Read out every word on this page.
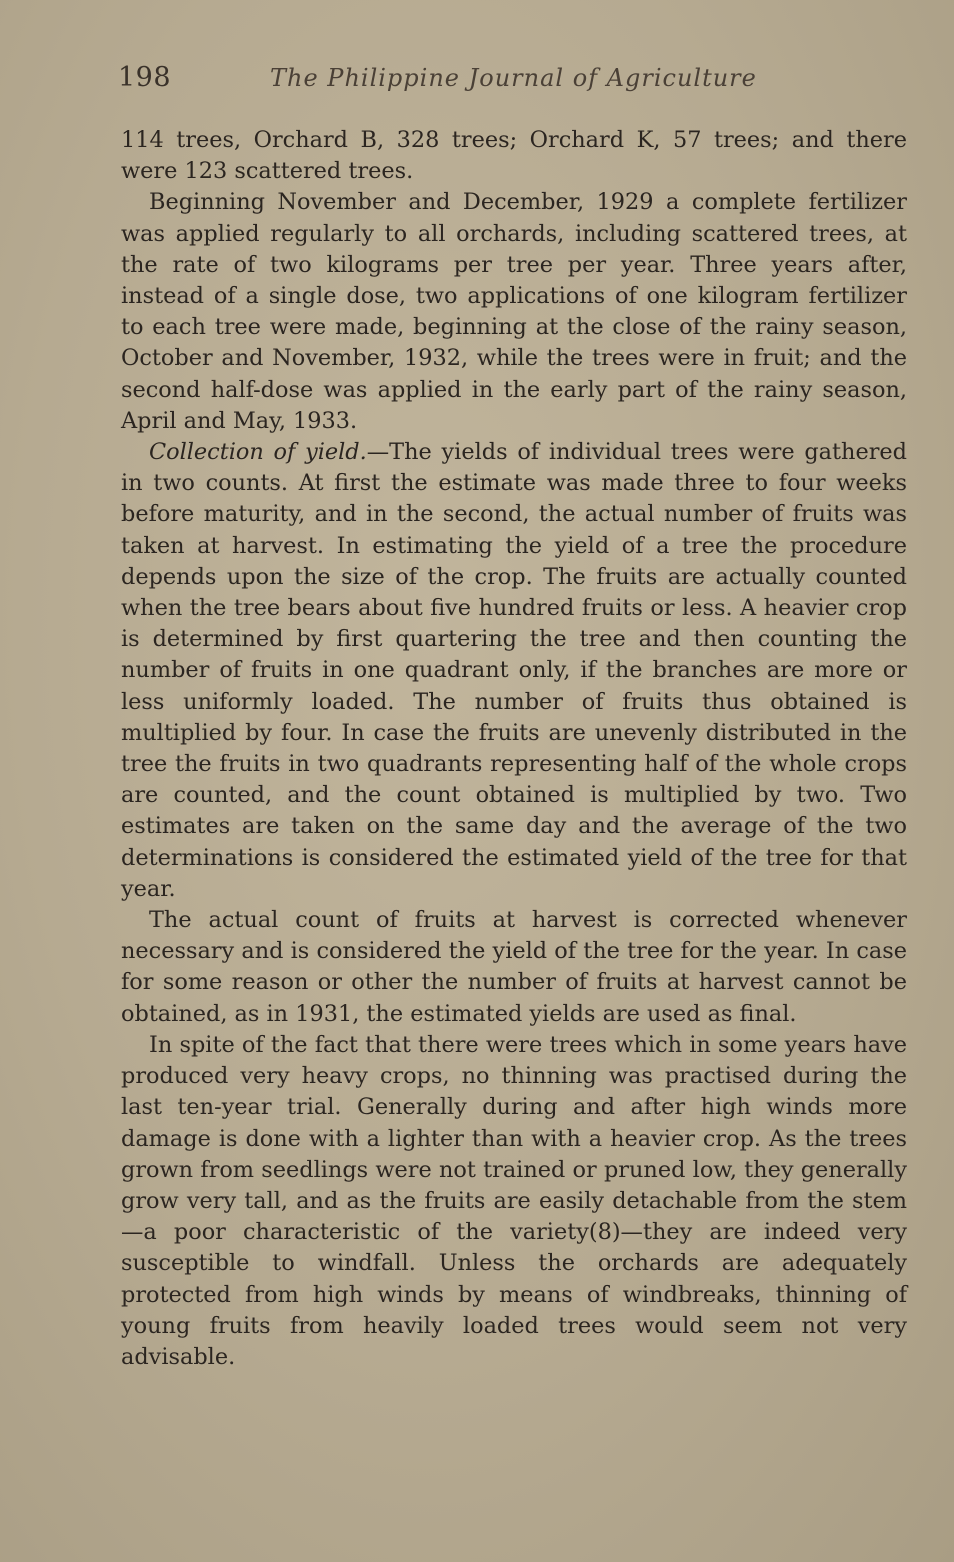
198	The Philippine Journal of Agriculture

114 trees, Orchard B, 328 trees; Orchard K, 57 trees; and there were 123 scattered trees.

Beginning November and December, 1929 a complete fertilizer was applied regularly to all orchards, including scattered trees, at the rate of two kilograms per tree per year. Three years after, instead of a single dose, two applications of one kilogram fertilizer to each tree were made, beginning at the close of the rainy season, October and November, 1932, while the trees were in fruit; and the second half-dose was applied in the early part of the rainy season, April and May, 1933.

Collection of yield.—The yields of individual trees were gathered in two counts. At first the estimate was made three to four weeks before maturity, and in the second, the actual number of fruits was taken at harvest. In estimating the yield of a tree the procedure depends upon the size of the crop. The fruits are actually counted when the tree bears about five hundred fruits or less. A heavier crop is determined by first quartering the tree and then counting the number of fruits in one quadrant only, if the branches are more or less uniformly loaded. The number of fruits thus obtained is multiplied by four. In case the fruits are unevenly distributed in the tree the fruits in two quadrants representing half of the whole crops are counted, and the count obtained is multiplied by two. Two estimates are taken on the same day and the average of the two determinations is considered the estimated yield of the tree for that year.

The actual count of fruits at harvest is corrected whenever necessary and is considered the yield of the tree for the year. In case for some reason or other the number of fruits at harvest cannot be obtained, as in 1931, the estimated yields are used as final.

In spite of the fact that there were trees which in some years have produced very heavy crops, no thinning was practised during the last ten-year trial. Generally during and after high winds more damage is done with a lighter than with a heavier crop. As the trees grown from seedlings were not trained or pruned low, they generally grow very tall, and as the fruits are easily detachable from the stem—a poor characteristic of the variety(8)—they are indeed very susceptible to windfall. Unless the orchards are adequately protected from high winds by means of windbreaks, thinning of young fruits from heavily loaded trees would seem not very advisable.
